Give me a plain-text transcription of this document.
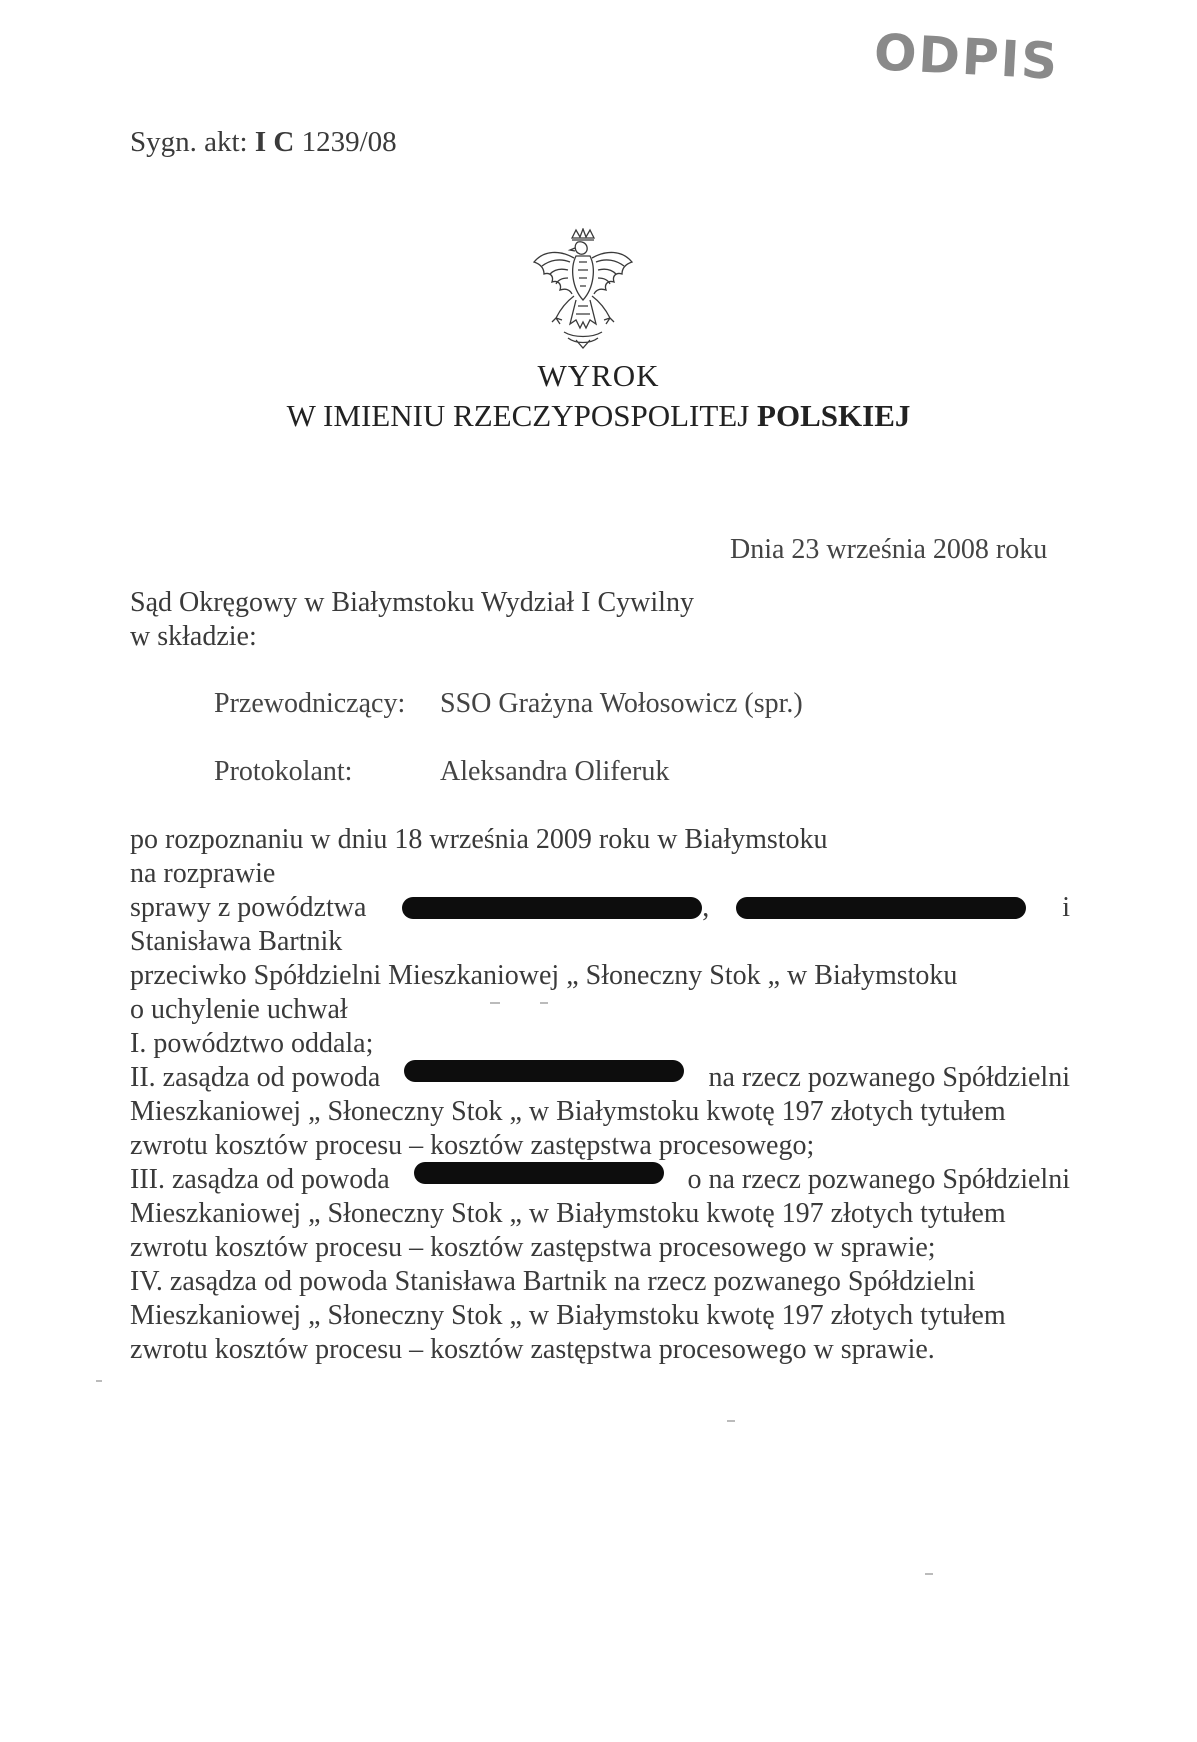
ODPIS
Sygn. akt: I C 1239/08
WYROK
W IMIENIU RZECZYPOSPOLITEJ POLSKIEJ
Dnia 23 września 2008 roku
Sąd Okręgowy w Białymstoku Wydział I Cywilny
w składzie:
Przewodniczący: SSO Grażyna Wołosowicz (spr.)
Protokolant:	Aleksandra Oliferuk
po rozpoznaniu w dniu 18 września 2009 roku w Białymstoku
na rozprawie
sprawy z powództwa	,	i
Stanisława Bartnik
przeciwko Spółdzielni Mieszkaniowej „ Słoneczny Stok „ w Białymstoku
o uchylenie uchwał
I. powództwo oddala;
II. zasądza od powoda	na rzecz pozwanego Spółdzielni
Mieszkaniowej „ Słoneczny Stok „ w Białymstoku kwotę 197 złotych tytułem
zwrotu kosztów procesu – kosztów zastępstwa procesowego;
III. zasądza od powoda	o na rzecz pozwanego Spółdzielni
Mieszkaniowej „ Słoneczny Stok „ w Białymstoku kwotę 197 złotych tytułem
zwrotu kosztów procesu – kosztów zastępstwa procesowego w sprawie;
IV. zasądza od powoda Stanisława Bartnik na rzecz pozwanego Spółdzielni
Mieszkaniowej „ Słoneczny Stok „ w Białymstoku kwotę 197 złotych tytułem
zwrotu kosztów procesu – kosztów zastępstwa procesowego w sprawie.
